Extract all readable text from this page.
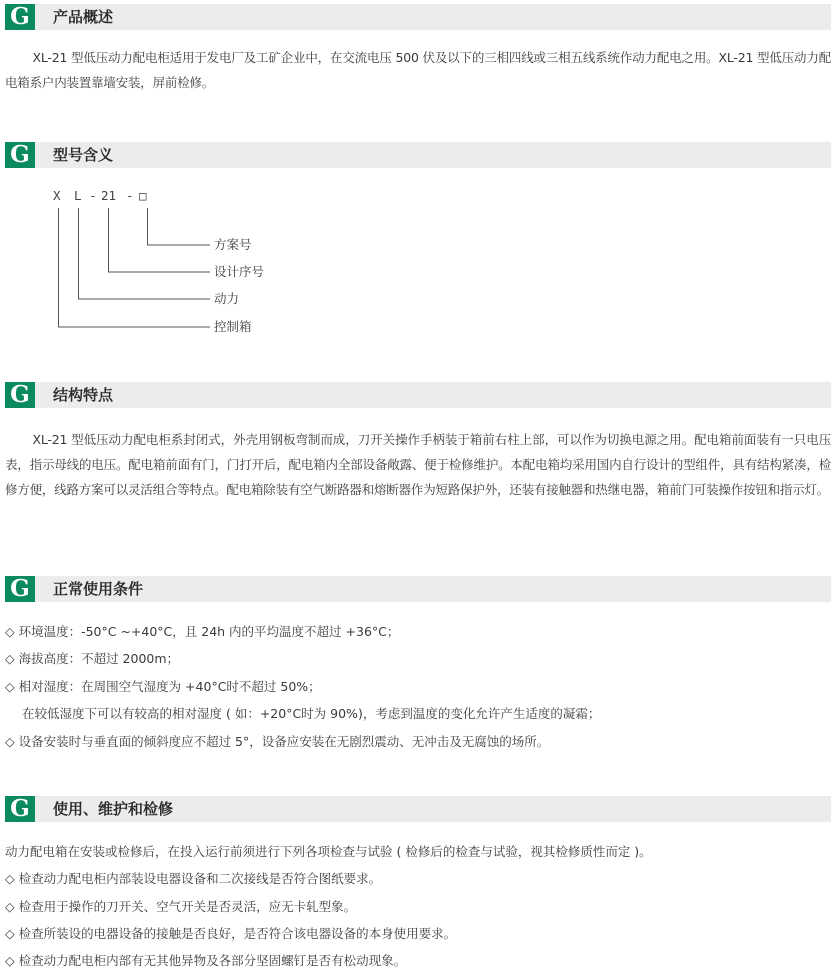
G	产品概述
XL-21 型低压动力配电柜适用于发电厂及工矿企业中，在交流电压 500 伏及以下的三相四线或三相五线系统作动力配电之用。XL-21 型低压动力配电箱系户内装置靠墙安装，屏前检修。
G	型号含义
X L - 21 - □
方案号
设计序号
动力
控制箱
G	结构特点
XL-21 型低压动力配电柜系封闭式，外壳用钢板弯制而成，刀开关操作手柄装于箱前右柱上部，可以作为切换电源之用。配电箱前面装有一只电压表，指示母线的电压。配电箱前面有门，门打开后，配电箱内全部设备敞露、便于检修维护。本配电箱均采用国内自行设计的型组件，具有结构紧凑，检修方便，线路方案可以灵活组合等特点。配电箱除装有空气断路器和熔断器作为短路保护外，还装有接触器和热继电器，箱前门可装操作按钮和指示灯。
G	正常使用条件
◇ 环境温度：-50°C ~+40°C，且 24h 内的平均温度不超过 +36°C；
◇ 海拔高度：不超过 2000m；
◇ 相对湿度：在周围空气湿度为 +40°C时不超过 50%；
在较低湿度下可以有较高的相对湿度 ( 如：+20°C时为 90%)，考虑到温度的变化允许产生适度的凝霜；
◇ 设备安装时与垂直面的倾斜度应不超过 5°，设备应安装在无剧烈震动、无冲击及无腐蚀的场所。
G	使用、维护和检修
动力配电箱在安装或检修后，在投入运行前须进行下列各项检查与试验 ( 检修后的检查与试验，视其检修质性而定 )。
◇ 检查动力配电柜内部装设电器设备和二次接线是否符合图纸要求。
◇ 检查用于操作的刀开关、空气开关是否灵活，应无卡轧型象。
◇ 检查所装设的电器设备的接触是否良好，是否符合该电器设备的本身使用要求。
◇ 检查动力配电柜内部有无其他异物及各部分坚固螺钉是否有松动现象。
